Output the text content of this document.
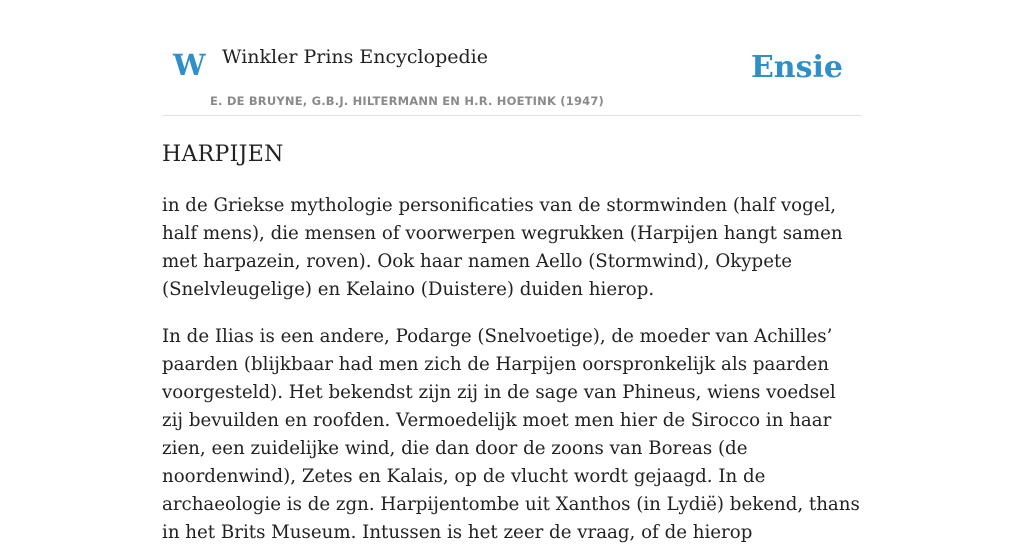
W Winkler Prins Encyclopedie
E. DE BRUYNE, G.B.J. HILTERMANN EN H.R. HOETINK (1947)
Ensie
HARPIJEN

in de Griekse mythologie personificaties van de stormwinden (half vogel, half mens), die mensen of voorwerpen wegrukken (Harpijen hangt samen met harpazein, roven). Ook haar namen Aello (Stormwind), Okypete (Snelvleugelige) en Kelaino (Duistere) duiden hierop.

In de Ilias is een andere, Podarge (Snelvoetige), de moeder van Achilles’ paarden (blijkbaar had men zich de Harpijen oorspronkelijk als paarden voorgesteld). Het bekendst zijn zij in de sage van Phineus, wiens voedsel zij bevuilden en roofden. Vermoedelijk moet men hier de Sirocco in haar zien, een zuidelijke wind, die dan door de zoons van Boreas (de noordenwind), Zetes en Kalais, op de vlucht wordt gejaagd. In de archaeologie is de zgn. Harpijentombe uit Xanthos (in Lydië) bekend, thans in het Brits Museum. Intussen is het zeer de vraag, of de hierop
